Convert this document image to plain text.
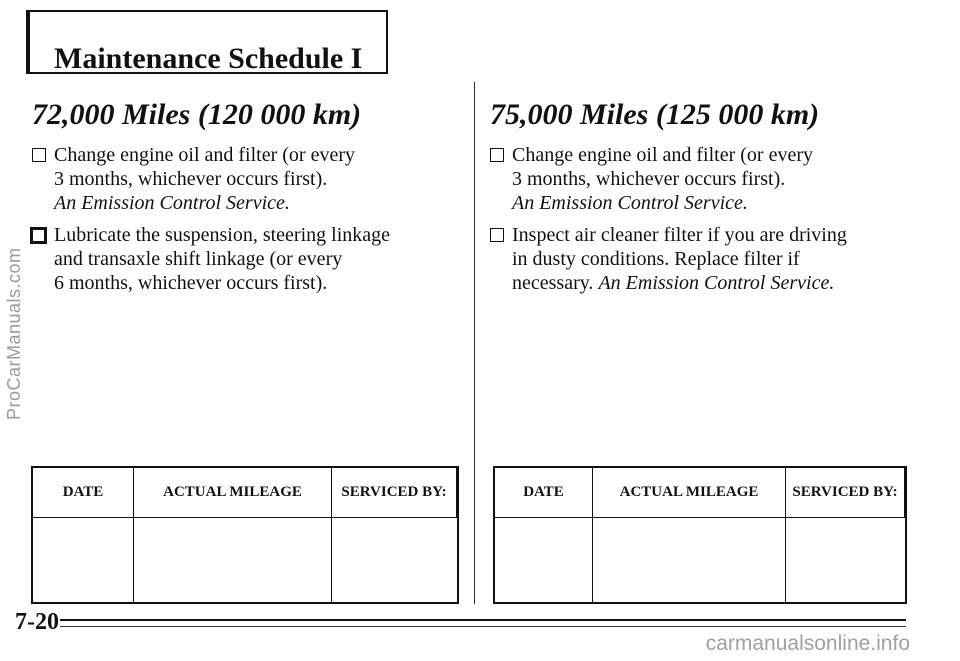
Maintenance Schedule I
72,000 Miles (120 000 km)
Change engine oil and filter (or every
3 months, whichever occurs first).
An Emission Control Service.
Lubricate the suspension, steering linkage
and transaxle shift linkage (or every
6 months, whichever occurs first).
75,000 Miles (125 000 km)
Change engine oil and filter (or every
3 months, whichever occurs first).
An Emission Control Service.
Inspect air cleaner filter if you are driving
in dusty conditions. Replace filter if
necessary. An Emission Control Service.
DATE	ACTUAL MILEAGE	SERVICED BY:	DATE	ACTUAL MILEAGE	SERVICED BY:
7-20
ProCarManuals.com
carmanualsonline.info
